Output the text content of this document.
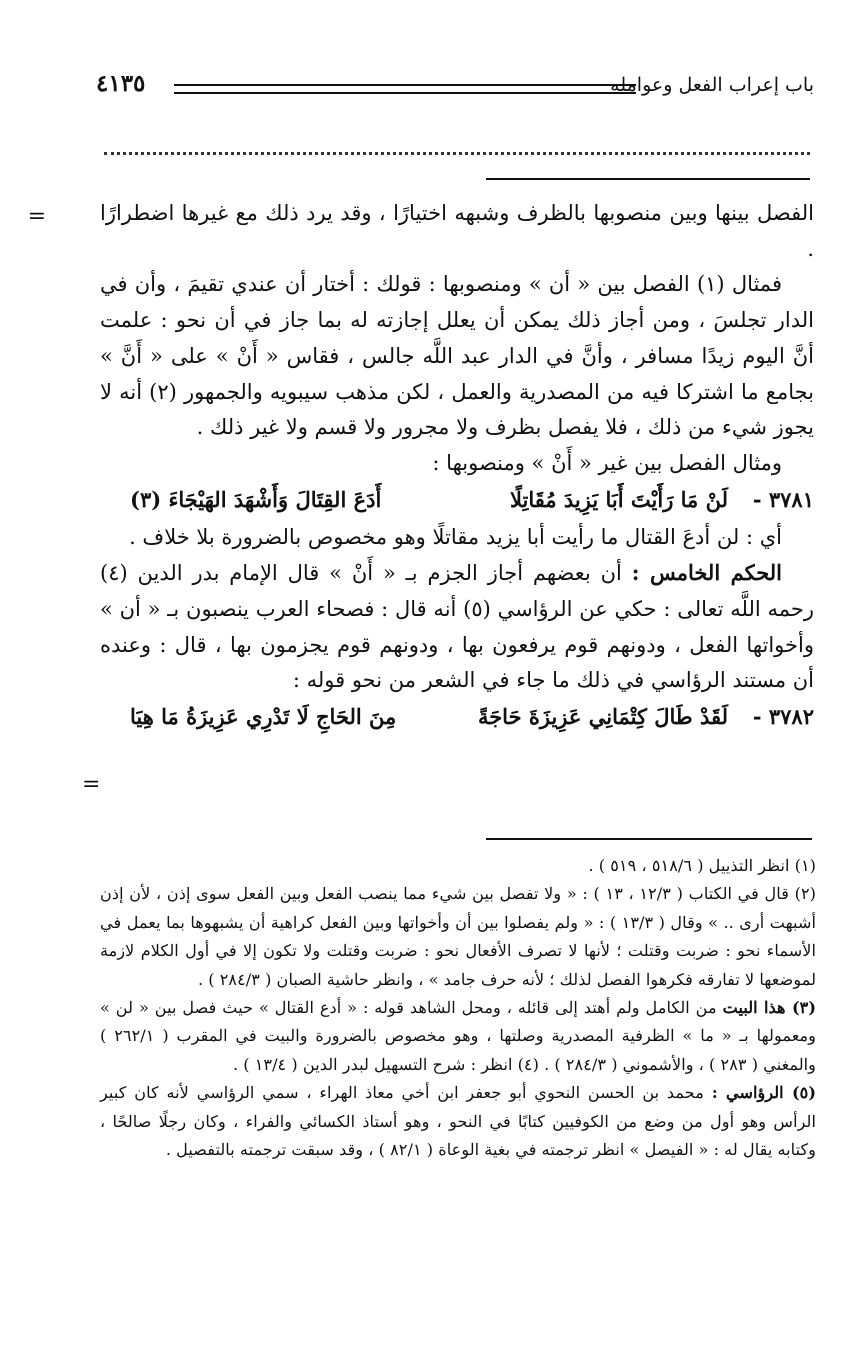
باب إعراب الفعل وعوامله
٤١٣٥
=
=

الفصل بينها وبين منصوبها بالظرف وشبهه اختيارًا ، وقد يرد ذلك مع غيرها اضطرارًا .

فمثال (١) الفصل بين « أن » ومنصوبها : قولك : أختار أن عندي تقيمَ ، وأن في الدار تجلسَ ، ومن أجاز ذلك يمكن أن يعلل إجازته له بما جاز في أن نحو : علمت أنَّ اليوم زيدًا مسافر ، وأنَّ في الدار عبد اللَّه جالس ، فقاس « أَنْ » على « أَنَّ » بجامع ما اشتركا فيه من المصدرية والعمل ، لكن مذهب سيبويه والجمهور (٢) أنه لا يجوز شيء من ذلك ، فلا يفصل بظرف ولا مجرور ولا قسم ولا غير ذلك .

ومثال الفصل بين غير « أَنْ » ومنصوبها :

٣٧٨١ -
لَنْ مَا رَأَيْتَ أَبَا يَزِيدَ مُقَاتِلًا
أَدَعَ القِتَالَ وَأَشْهَدَ الهَيْجَاءَ (٣)

أي : لن أدعَ القتال ما رأيت أبا يزيد مقاتلًا وهو مخصوص بالضرورة بلا خلاف .

الحكم الخامس : أن بعضهم أجاز الجزم بـ « أَنْ » قال الإمام بدر الدين (٤) رحمه اللَّه تعالى : حكي عن الرؤاسي (٥) أنه قال : فصحاء العرب ينصبون بـ « أن » وأخواتها الفعل ، ودونهم قوم يرفعون بها ، ودونهم قوم يجزمون بها ، قال : وعنده أن مستند الرؤاسي في ذلك ما جاء في الشعر من نحو قوله :

٣٧٨٢ -
لَقَدْ طَالَ كِتْمَانِي عَزِيزَةَ حَاجَةً
مِنَ الحَاجِ لَا تَدْرِي عَزِيزَةُ مَا هِيَا

(١) انظر التذييل ( ٥١٨/٦ ، ٥١٩ ) .

(٢) قال في الكتاب ( ١٢/٣ ، ١٣ ) : « ولا تفصل بين شيء مما ينصب الفعل وبين الفعل سوى إذن ، لأن إذن أشبهت أرى .. » وقال ( ١٣/٣ ) : « ولم يفصلوا بين أن وأخواتها وبين الفعل كراهية أن يشبهوها بما يعمل في الأسماء نحو : ضربت وقتلت ؛ لأنها لا تصرف الأفعال نحو : ضربت وقتلت ولا تكون إلا في أول الكلام لازمة لموضعها لا تفارقه فكرهوا الفصل لذلك ؛ لأنه حرف جامد » ، وانظر حاشية الصبان ( ٢٨٤/٣ ) .

(٣) هذا البيت من الكامل ولم أهتد إلى قائله ، ومحل الشاهد قوله : « أدع القتال » حيث فصل بين « لن » ومعمولها بـ « ما » الظرفية المصدرية وصلتها ، وهو مخصوص بالضرورة والبيت في المقرب ( ٢٦٢/١ ) والمغني ( ٢٨٣ ) ، والأشموني ( ٢٨٤/٣ ) . (٤) انظر : شرح التسهيل لبدر الدين ( ١٣/٤ ) .

(٥) الرؤاسي : محمد بن الحسن النحوي أبو جعفر ابن أخي معاذ الهراء ، سمي الرؤاسي لأنه كان كبير الرأس وهو أول من وضع من الكوفيين كتابًا في النحو ، وهو أستاذ الكسائي والفراء ، وكان رجلًا صالحًا ، وكتابه يقال له : « الفيصل » انظر ترجمته في بغية الوعاة ( ٨٢/١ ) ، وقد سبقت ترجمته بالتفصيل .
